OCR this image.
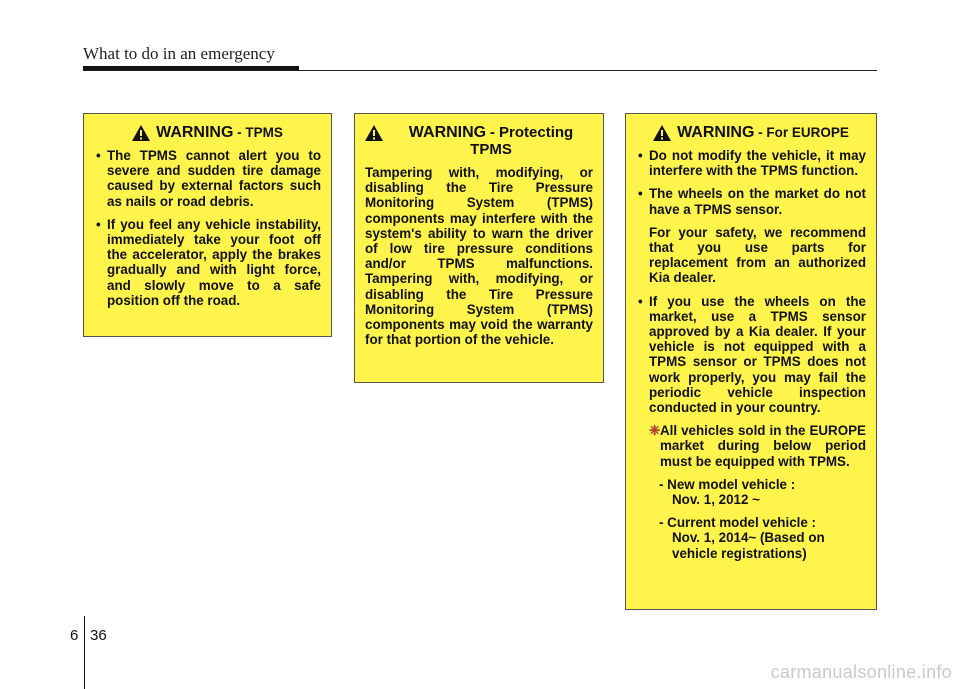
What to do in an emergency
WARNING - TPMS
• The TPMS cannot alert you to severe and sudden tire damage caused by external factors such as nails or road debris.
• If you feel any vehicle instability, immediately take your foot off the accelerator, apply the brakes gradually and with light force, and slowly move to a safe position off the road.
WARNING - Protecting TPMS

Tampering with, modifying, or disabling the Tire Pressure Monitoring System (TPMS) components may interfere with the system's ability to warn the driver of low tire pressure conditions and/or TPMS malfunctions. Tampering with, modifying, or disabling the Tire Pressure Monitoring System (TPMS) components may void the warranty for that portion of the vehicle.

WARNING - For EUROPE
• Do not modify the vehicle, it may interfere with the TPMS function.
• The wheels on the market do not have a TPMS sensor.
For your safety, we recommend that you use parts for replacement from an authorized Kia dealer.
• If you use the wheels on the market, use a TPMS sensor approved by a Kia dealer. If your vehicle is not equipped with a TPMS sensor or TPMS does not work properly, you may fail the periodic vehicle inspection conducted in your country.
❈ All vehicles sold in the EUROPE market during below period must be equipped with TPMS.
- New model vehicle :
Nov. 1, 2012 ~
- Current model vehicle :
Nov. 1, 2014~ (Based on vehicle registrations)
6 36
carmanualsonline.info
